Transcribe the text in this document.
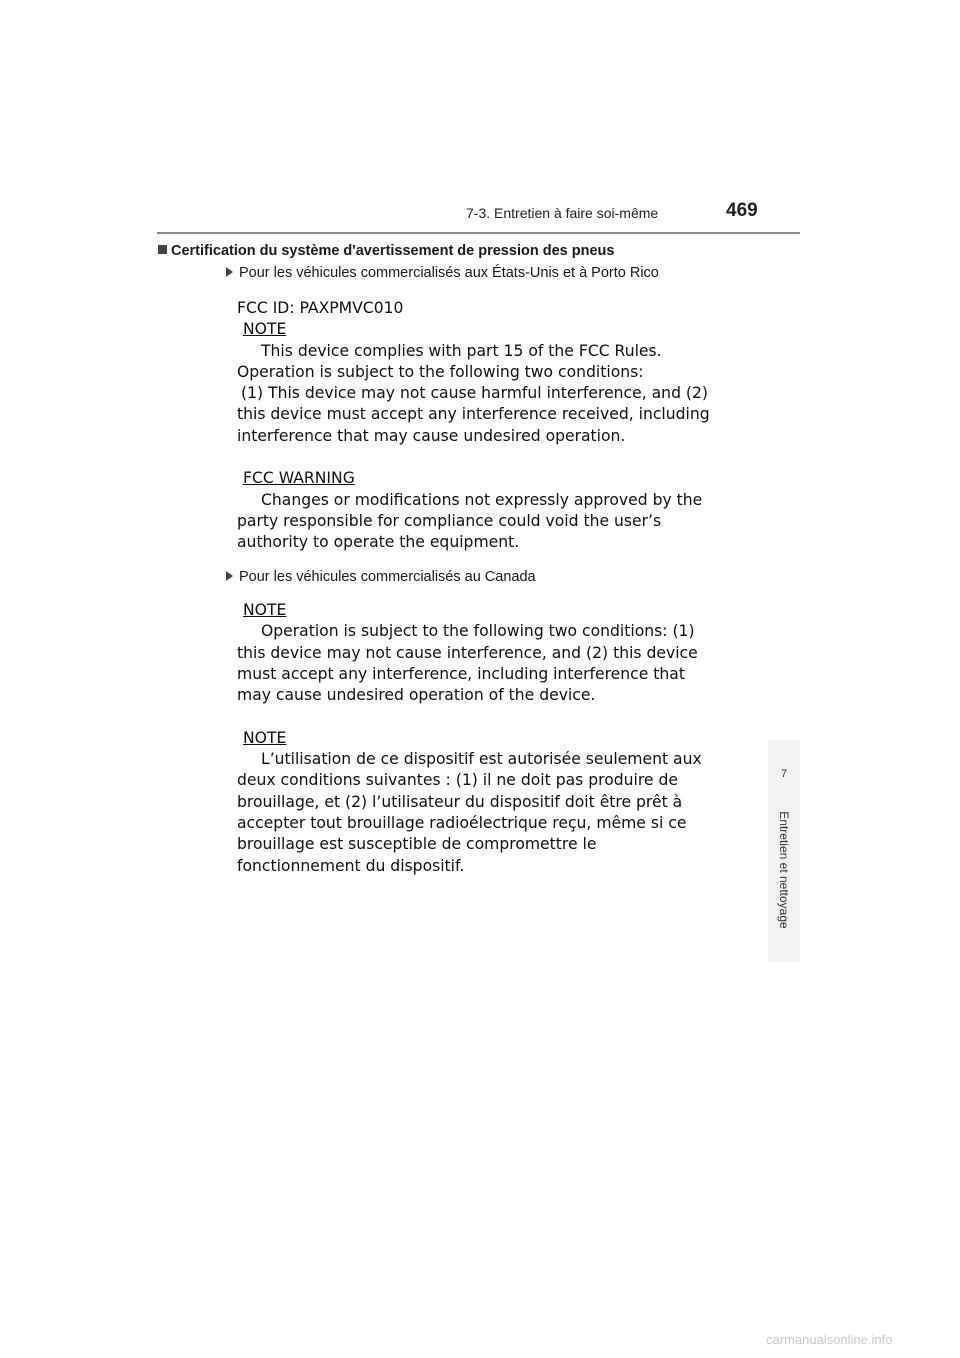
7-3. Entretien à faire soi-même	469
Certification du système d'avertissement de pression des pneus
Pour les véhicules commercialisés aux États-Unis et à Porto Rico
FCC ID: PAXPMVC010
NOTE
This device complies with part 15 of the FCC Rules.
Operation is subject to the following two conditions:
(1) This device may not cause harmful interference, and (2)
this device must accept any interference received, including
interference that may cause undesired operation.
FCC WARNING
Changes or modifications not expressly approved by the
party responsible for compliance could void the user’s
authority to operate the equipment.
Pour les véhicules commercialisés au Canada
NOTE
Operation is subject to the following two conditions: (1)
this device may not cause interference, and (2) this device
must accept any interference, including interference that
may cause undesired operation of the device.
NOTE
L’utilisation de ce dispositif est autorisée seulement aux
deux conditions suivantes : (1) il ne doit pas produire de
brouillage, et (2) l’utilisateur du dispositif doit être prêt à
accepter tout brouillage radioélectrique reçu, même si ce
brouillage est susceptible de compromettre le
fonctionnement du dispositif.
7
Entretien et nettoyage
carmanualsonline.info
